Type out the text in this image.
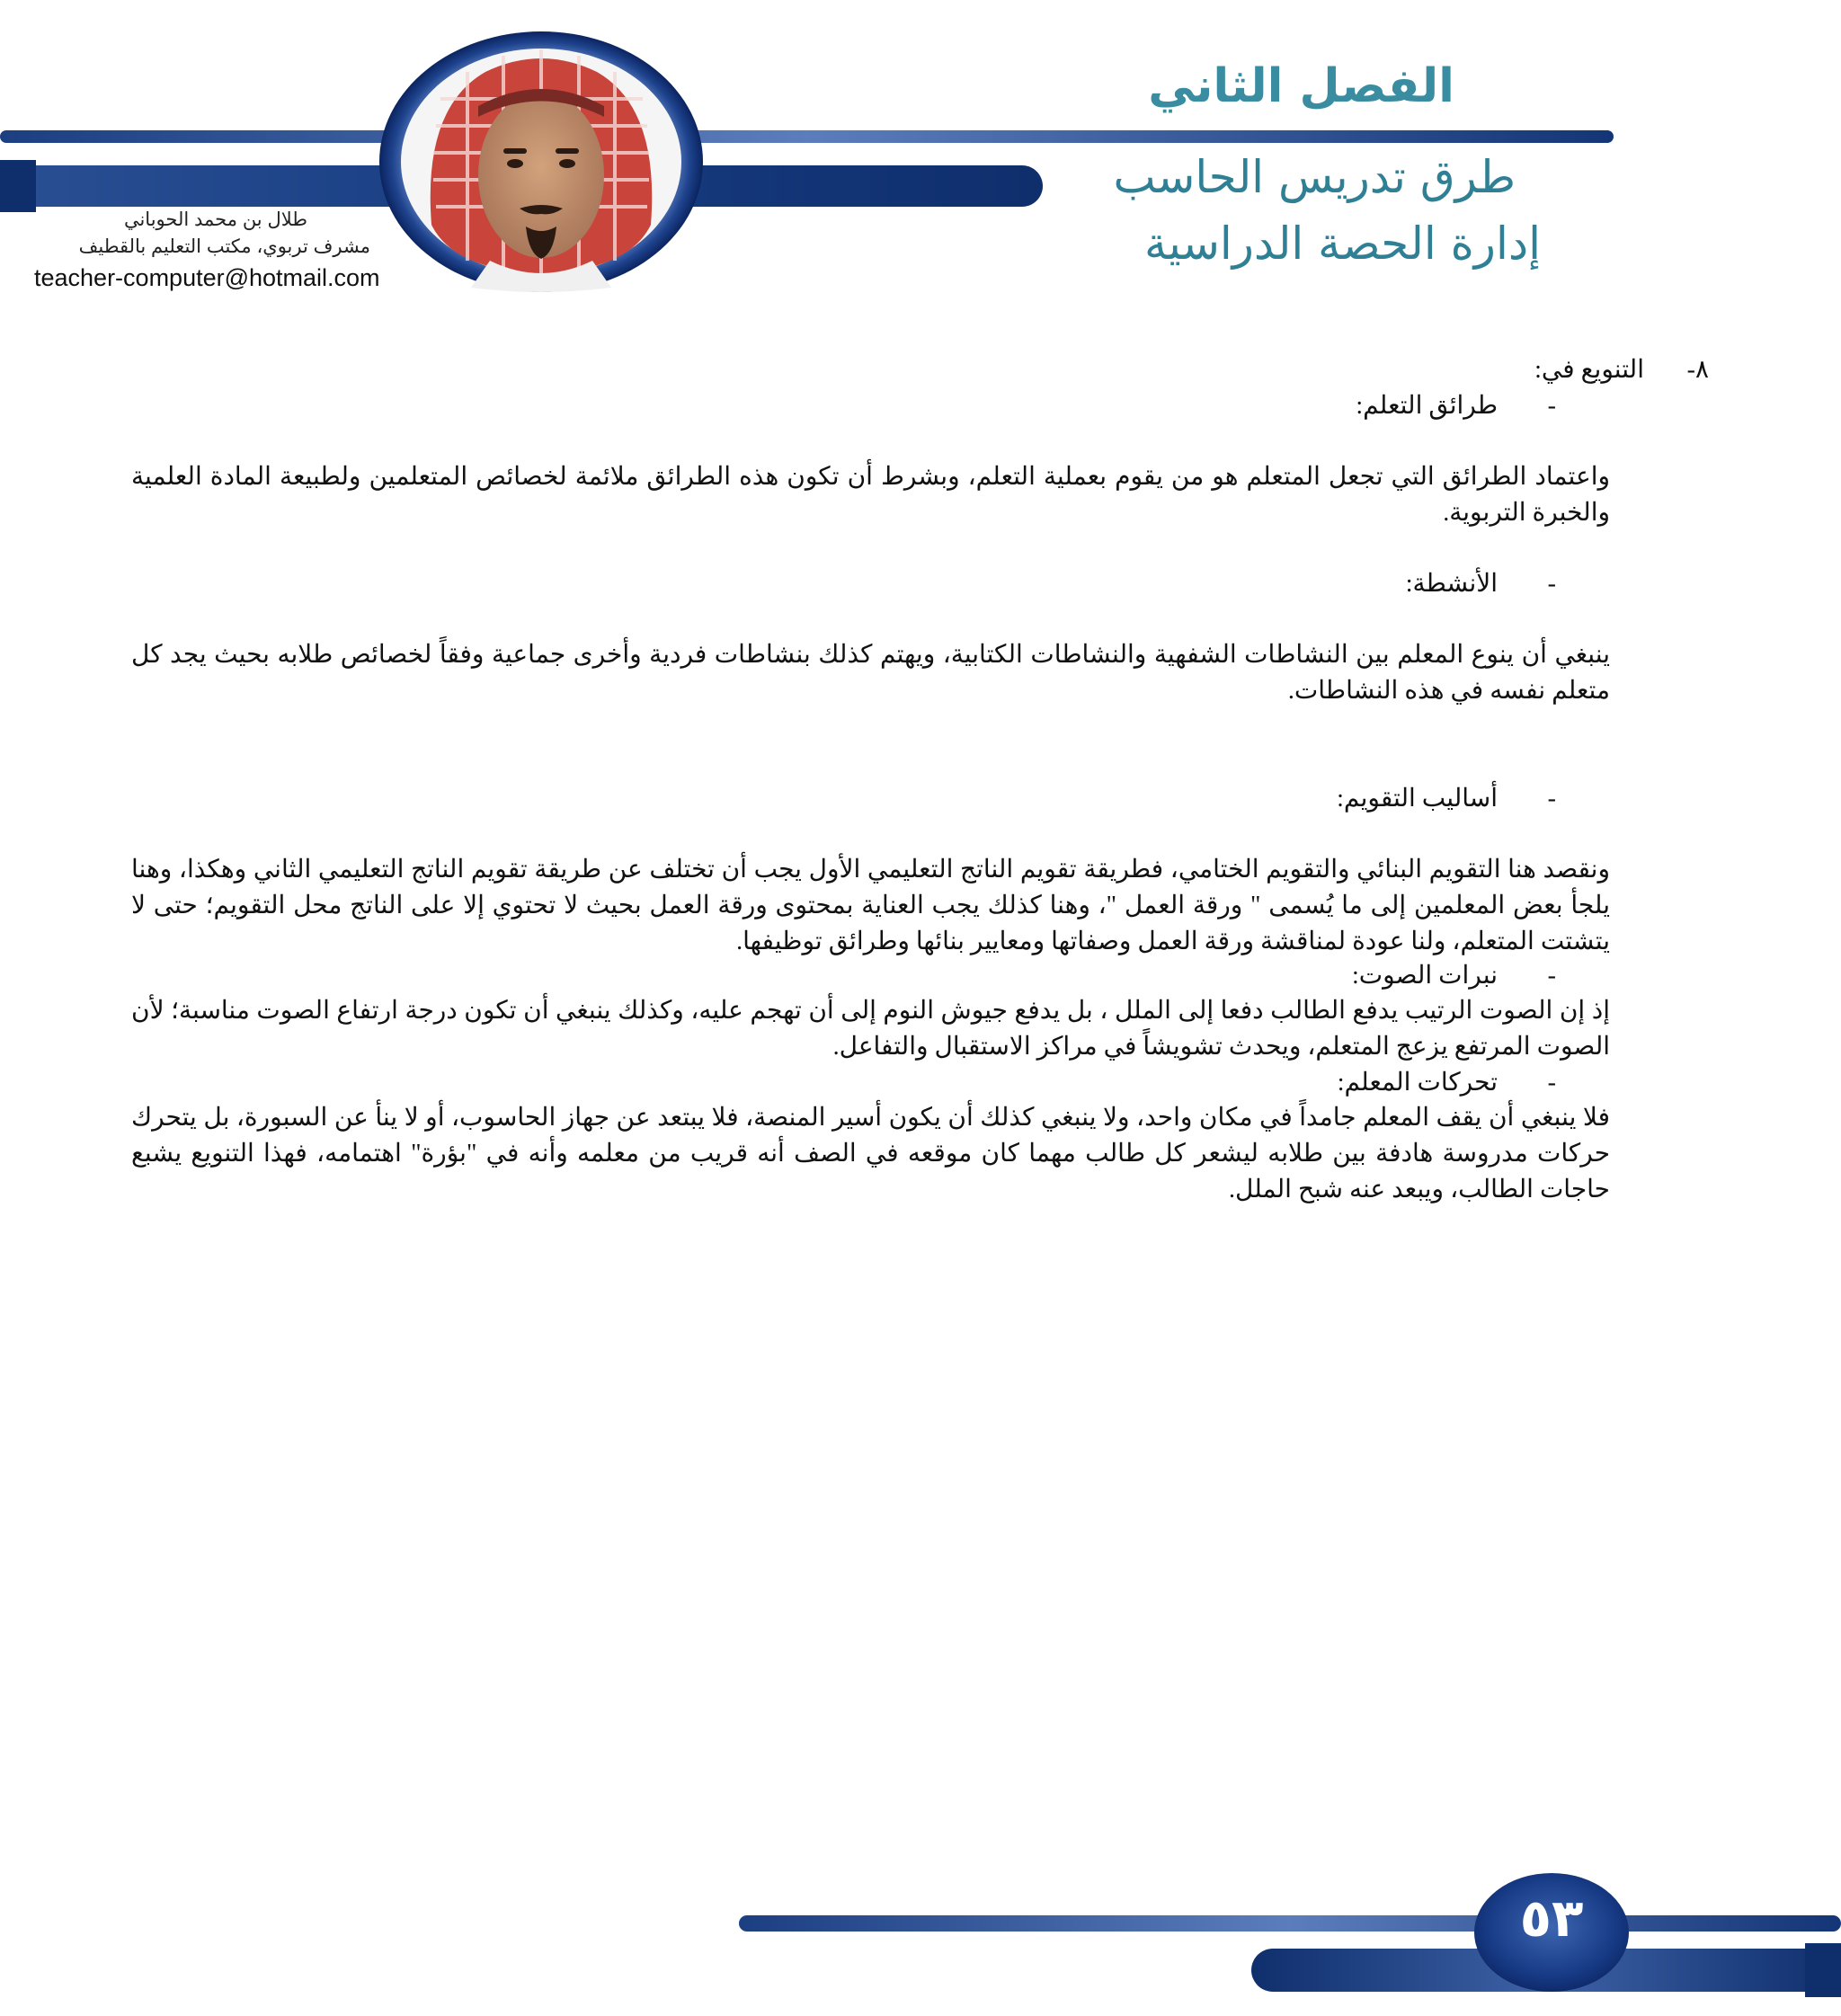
الفصل الثاني
طرق تدريس الحاسب
إدارة الحصة الدراسية
طلال بن محمد الحوباني
مشرف تربوي، مكتب التعليم بالقطيف
teacher-computer@hotmail.com
٨-
التنويع في:
-
طرائق التعلم:
واعتماد الطرائق التي تجعل المتعلم هو من يقوم بعملية التعلم، وبشرط أن تكون هذه الطرائق ملائمة لخصائص المتعلمين ولطبيعة المادة العلمية والخبرة التربوية.
-
الأنشطة:
ينبغي أن ينوع المعلم بين النشاطات الشفهية والنشاطات الكتابية، ويهتم كذلك بنشاطات فردية وأخرى جماعية وفقاً لخصائص طلابه بحيث يجد كل متعلم نفسه في هذه النشاطات.
-
أساليب التقويم:
ونقصد هنا التقويم البنائي والتقويم الختامي، فطريقة تقويم الناتج التعليمي الأول يجب أن تختلف عن طريقة تقويم الناتج التعليمي الثاني وهكذا، وهنا يلجأ بعض المعلمين إلى ما يُسمى " ورقة العمل "، وهنا كذلك يجب العناية بمحتوى ورقة العمل بحيث لا تحتوي إلا على الناتج محل التقويم؛ حتى لا يتشتت المتعلم، ولنا عودة لمناقشة ورقة العمل وصفاتها ومعايير بنائها وطرائق توظيفها.
-
نبرات الصوت:
إذ إن الصوت الرتيب يدفع الطالب دفعا إلى الملل ، بل يدفع جيوش النوم إلى أن تهجم عليه، وكذلك ينبغي أن تكون درجة ارتفاع الصوت مناسبة؛ لأن الصوت المرتفع يزعج المتعلم، ويحدث تشويشاً في مراكز الاستقبال والتفاعل.
-
تحركات المعلم:
فلا ينبغي أن يقف المعلم جامداً في مكان واحد، ولا ينبغي كذلك أن يكون أسير المنصة، فلا يبتعد عن جهاز الحاسوب، أو لا ينأ عن السبورة، بل يتحرك حركات مدروسة هادفة بين طلابه ليشعر كل طالب مهما كان موقعه في الصف أنه قريب من معلمه وأنه في "بؤرة" اهتمامه، فهذا التنويع يشبع حاجات الطالب، ويبعد عنه شبح الملل.
٥٣
